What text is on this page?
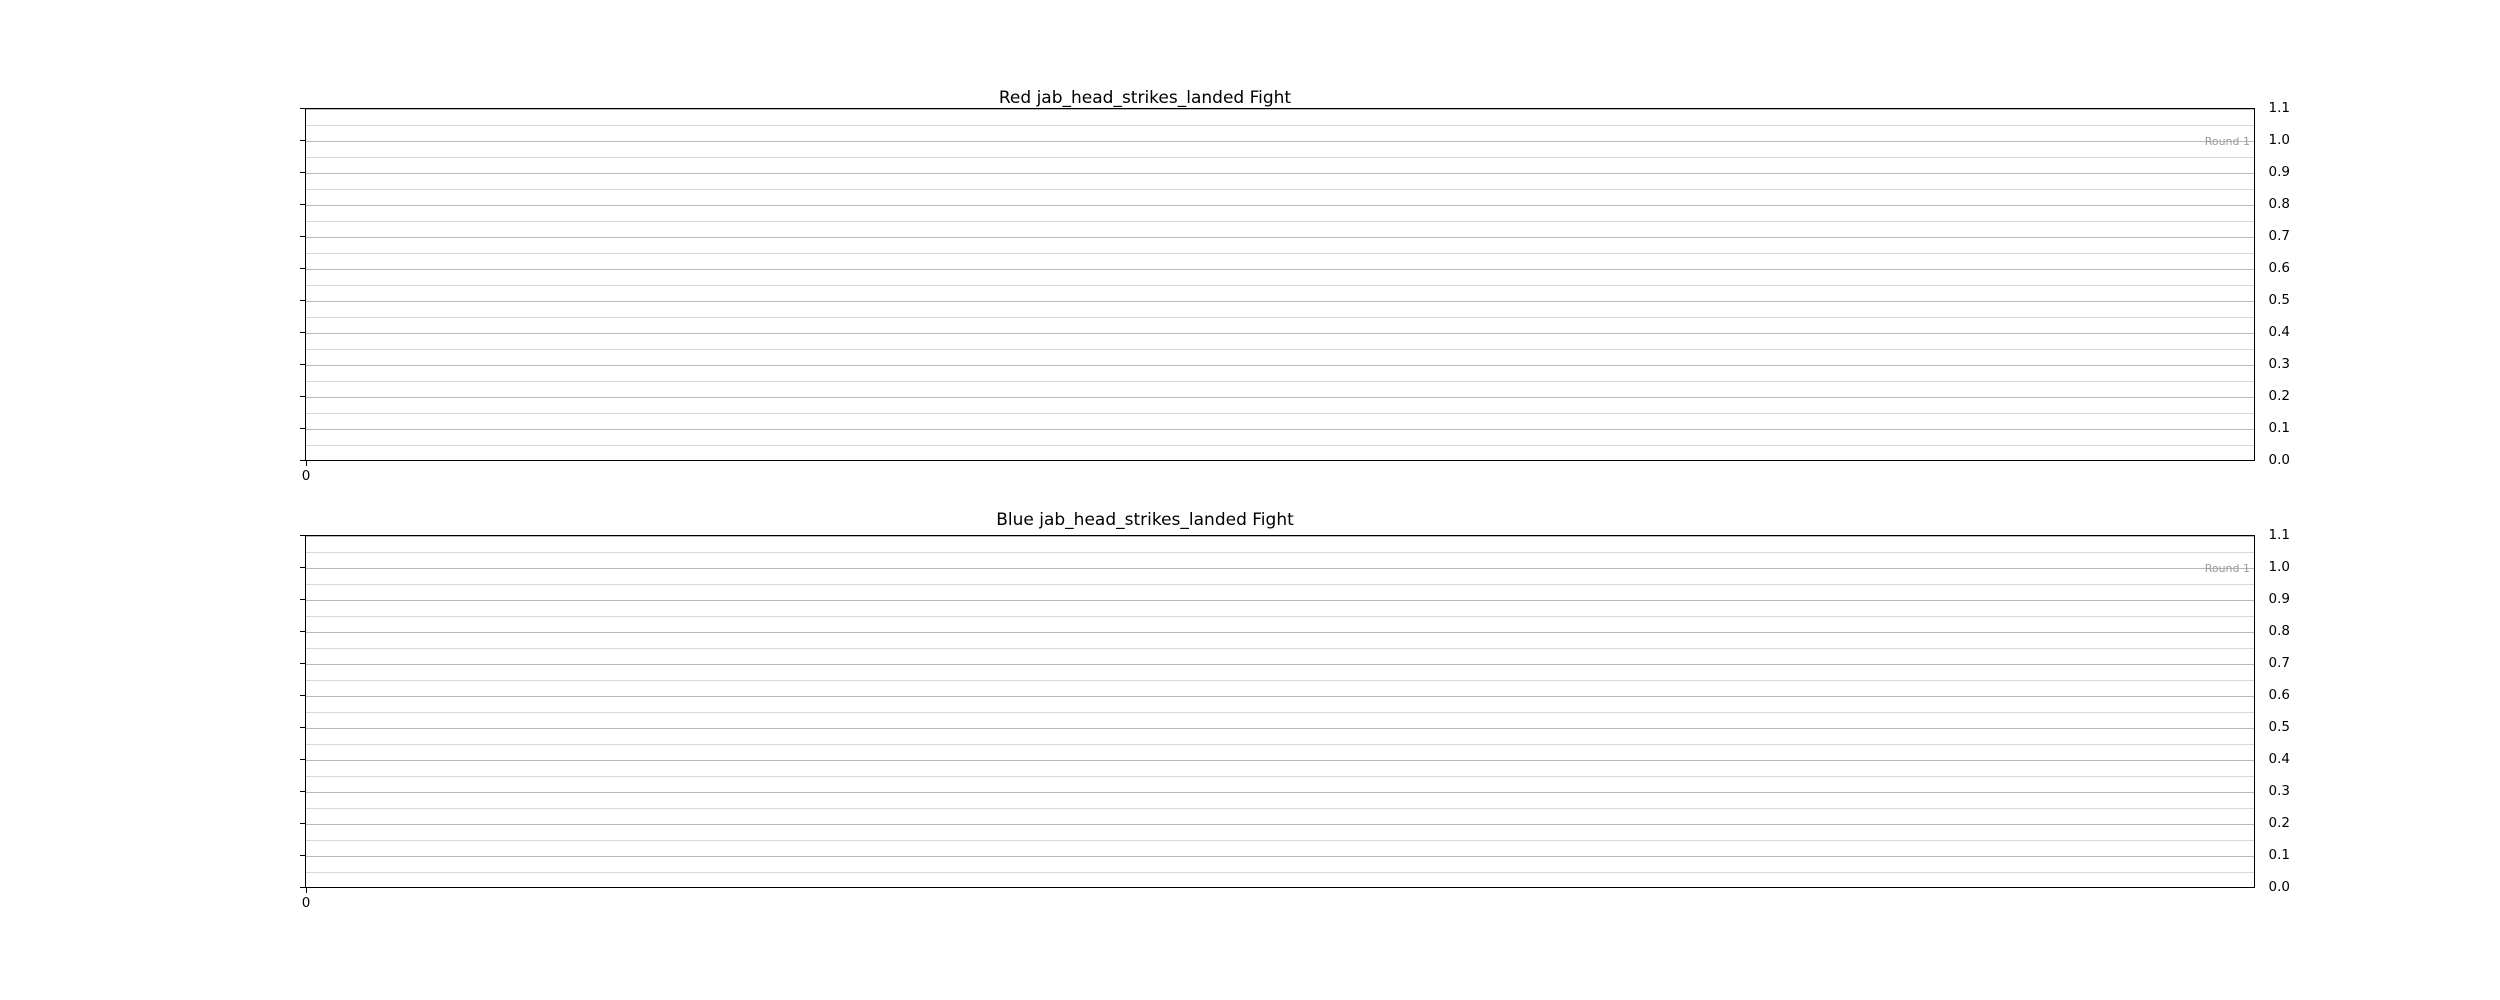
Red jab_head_strikes_landed Fight	1.1
1.0
0.9
0.8
0.7
0.6
0.5
0.4
0.3
0.2
0.1
0.0
Round 1
0
Blue jab_head_strikes_landed Fight
1.1
1.0
0.9
0.8
0.7
0.6
0.5
0.4
0.3
0.2
0.1
0.0
Round 1
0
